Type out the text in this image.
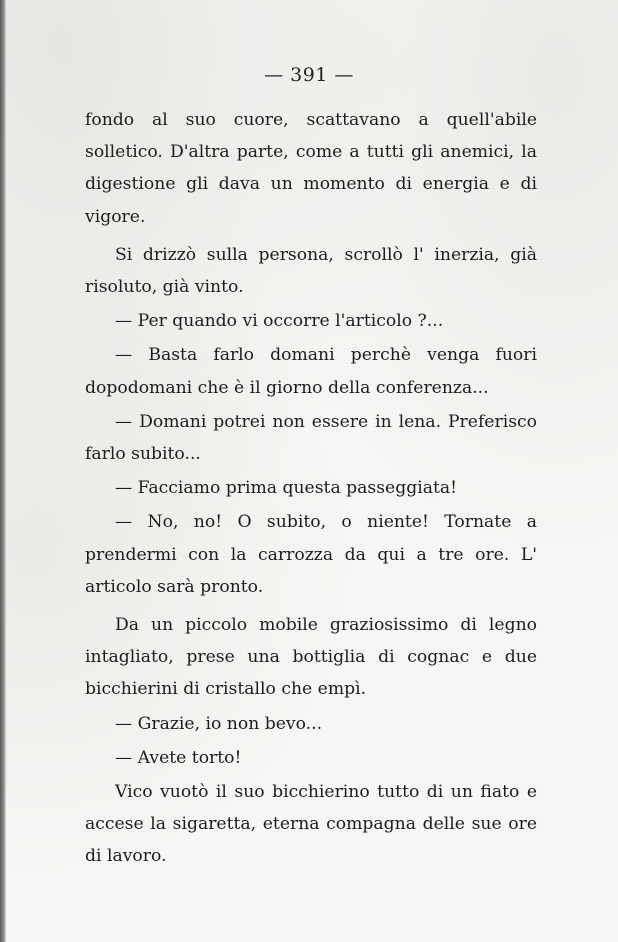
— 391 —

fondo al suo cuore, scattavano a quell'abile solletico. D'altra parte, come a tutti gli anemici, la digestione gli dava un momento di energia e di vigore.

Si drizzò sulla persona, scrollò l' inerzia, già risoluto, già vinto.

— Per quando vi occorre l'articolo ?...

— Basta farlo domani perchè venga fuori dopodomani che è il giorno della conferenza...

— Domani potrei non essere in lena. Preferisco farlo subito...

— Facciamo prima questa passeggiata!

— No, no! O subito, o niente! Tornate a prendermi con la carrozza da qui a tre ore. L' articolo sarà pronto.

Da un piccolo mobile graziosissimo di legno intagliato, prese una bottiglia di cognac e due bicchierini di cristallo che empì.

— Grazie, io non bevo...

— Avete torto!

Vico vuotò il suo bicchierino tutto di un fiato e accese la sigaretta, eterna compagna delle sue ore di lavoro.
